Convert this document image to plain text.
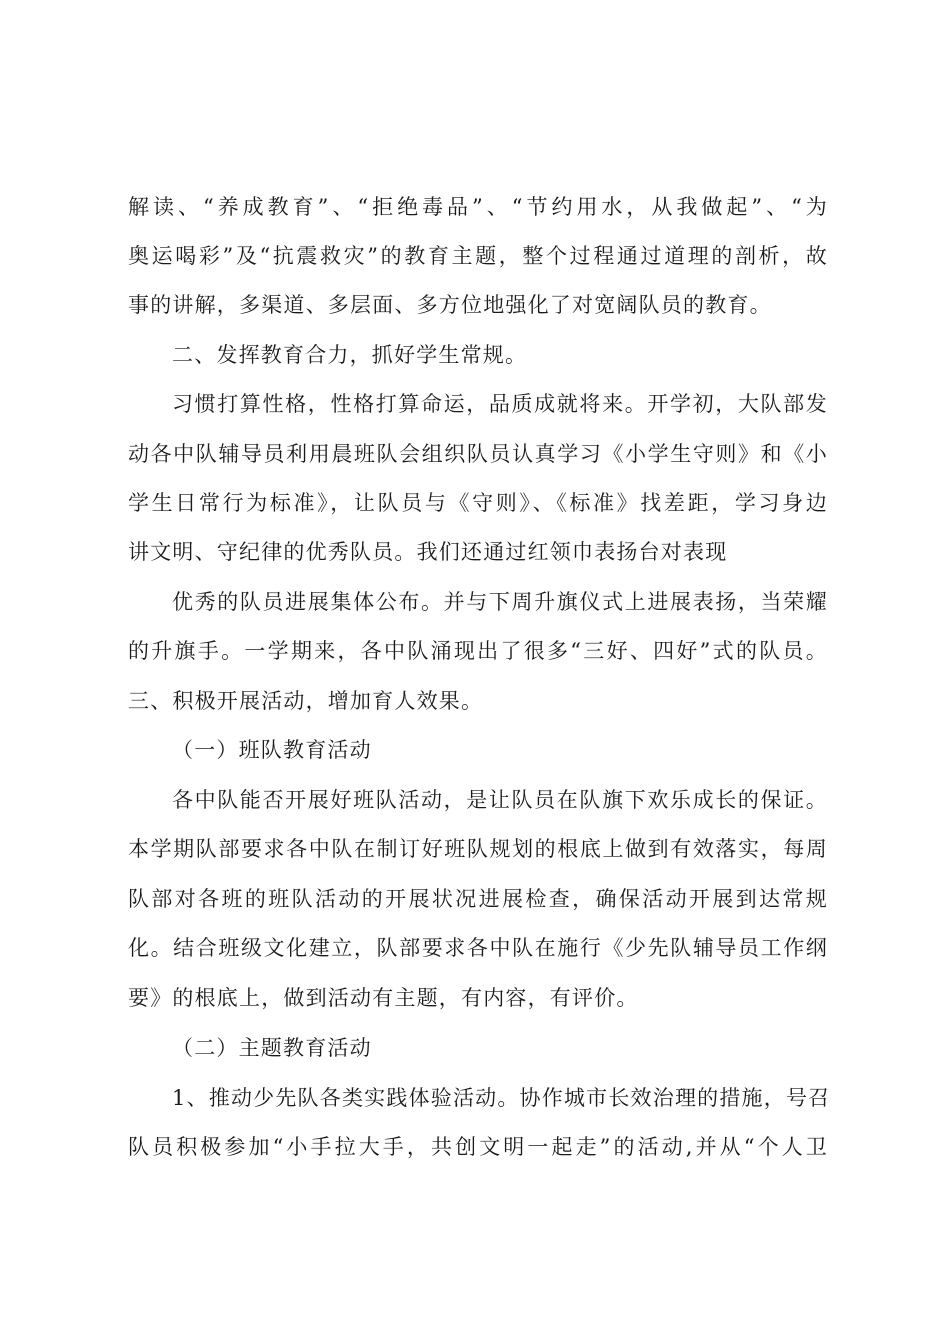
解读、“养成教育”、“拒绝毒品”、“节约用水，从我做起”、“为
奥运喝彩”及“抗震救灾”的教育主题，整个过程通过道理的剖析，故
事的讲解，多渠道、多层面、多方位地强化了对宽阔队员的教育。
二、发挥教育合力，抓好学生常规。
习惯打算性格，性格打算命运，品质成就将来。开学初，大队部发
动各中队辅导员利用晨班队会组织队员认真学习《小学生守则》和《小
学生日常行为标准》，让队员与《守则》、《标准》找差距，学习身边
讲文明、守纪律的优秀队员。我们还通过红领巾表扬台对表现
优秀的队员进展集体公布。并与下周升旗仪式上进展表扬，当荣耀
的升旗手。一学期来，各中队涌现出了很多“三好、四好”式的队员。
三、积极开展活动，增加育人效果。
（一）班队教育活动
各中队能否开展好班队活动，是让队员在队旗下欢乐成长的保证。
本学期队部要求各中队在制订好班队规划的根底上做到有效落实，每周
队部对各班的班队活动的开展状况进展检查，确保活动开展到达常规
化。结合班级文化建立，队部要求各中队在施行《少先队辅导员工作纲
要》的根底上，做到活动有主题，有内容，有评价。
（二）主题教育活动
1、推动少先队各类实践体验活动。协作城市长效治理的措施，号召
队员积极参加“小手拉大手，共创文明一起走”的活动,并从“个人卫
